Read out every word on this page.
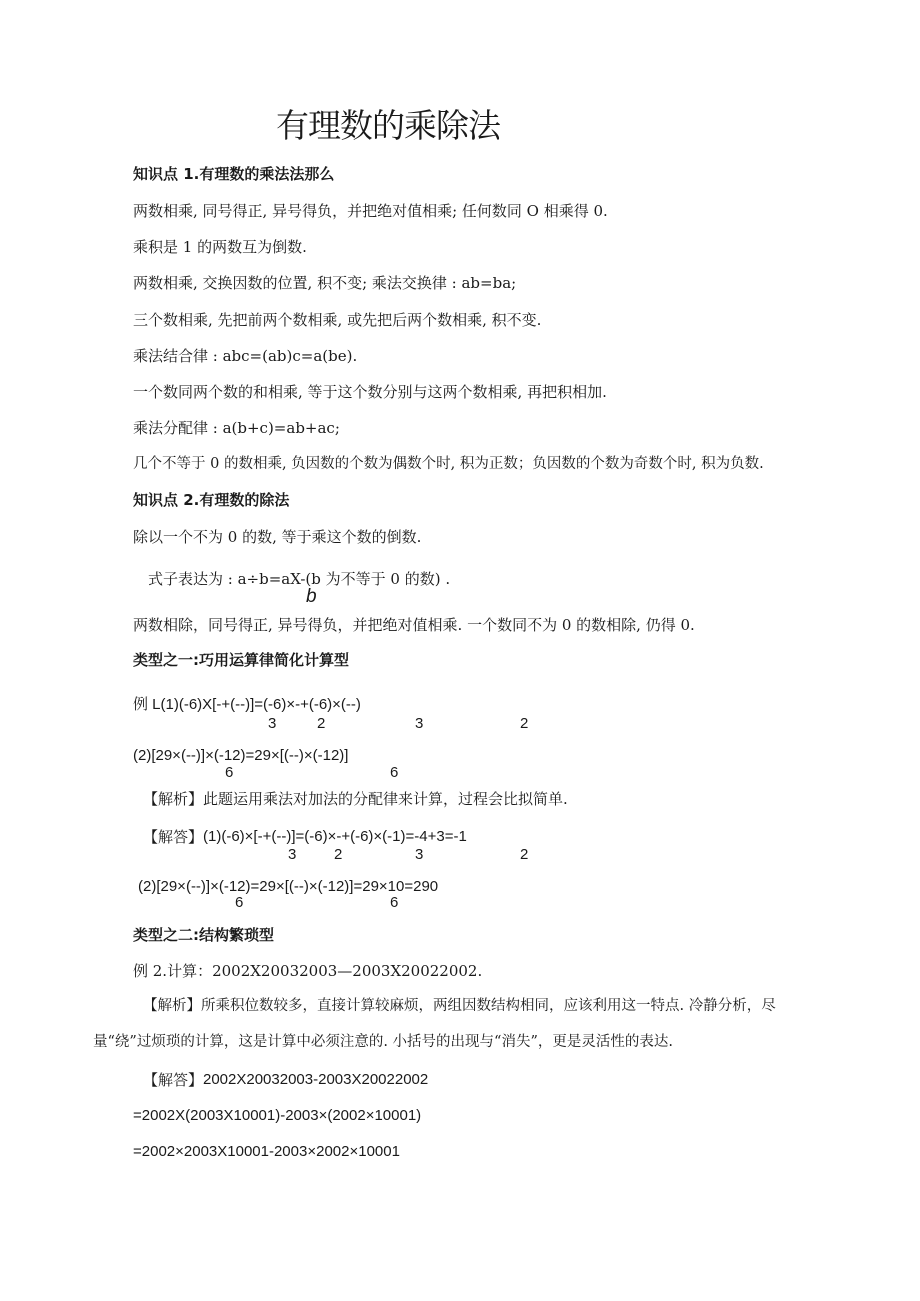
有理数的乘除法
知识点 1.有理数的乘法法那么
两数相乘, 同号得正, 异号得负，并把绝对值相乘; 任何数同 O 相乘得 0.
乘积是 1 的两数互为倒数.
两数相乘, 交换因数的位置, 积不变; 乘法交换律 : ab=ba;
三个数相乘, 先把前两个数相乘, 或先把后两个数相乘, 积不变.
乘法结合律 : abc=(ab)c=a(be).
一个数同两个数的和相乘, 等于这个数分别与这两个数相乘, 再把积相加.
乘法分配律 : a(b+c)=ab+ac;
几个不等于 0 的数相乘, 负因数的个数为偶数个时, 积为正数；负因数的个数为奇数个时, 积为负数.
知识点 2.有理数的除法
除以一个不为 0 的数, 等于乘这个数的倒数.
式子表达为 : a÷b=aX-(b 为不等于 0 的数) .
b
两数相除，同号得正, 异号得负，并把绝对值相乘. 一个数同不为 0 的数相除, 仍得 0.
类型之一:巧用运算律简化计算型
例 L(1)(-6)X[-+(--)]=(-6)×-+(-6)×(--)
3	2	3	2
(2)[29×(--)]×(-12)=29×[(--)×(-12)]
6	6
【解析】此题运用乘法对加法的分配律来计算，过程会比拟简单.
【解答】 (1)(-6)×[-+(--)]=(-6)×-+(-6)×(-1)=-4+3=-1
3	2	3	2
(2)[29×(--)]×(-12)=29×[(--)×(-12)]=29×10=290
6	6
类型之二:结构繁琐型
例 2.计算：2002X20032003—2003X20022002.
【解析】所乘积位数较多，直接计算较麻烦，两组因数结构相同，应该利用这一特点. 冷静分析，尽
量“绕”过烦琐的计算，这是计算中必须注意的. 小括号的出现与“消失”，更是灵活性的表达.
【解答】 2002X20032003-2003X20022002
=2002X(2003X10001)-2003×(2002×10001)
=2002×2003X10001-2003×2002×10001
